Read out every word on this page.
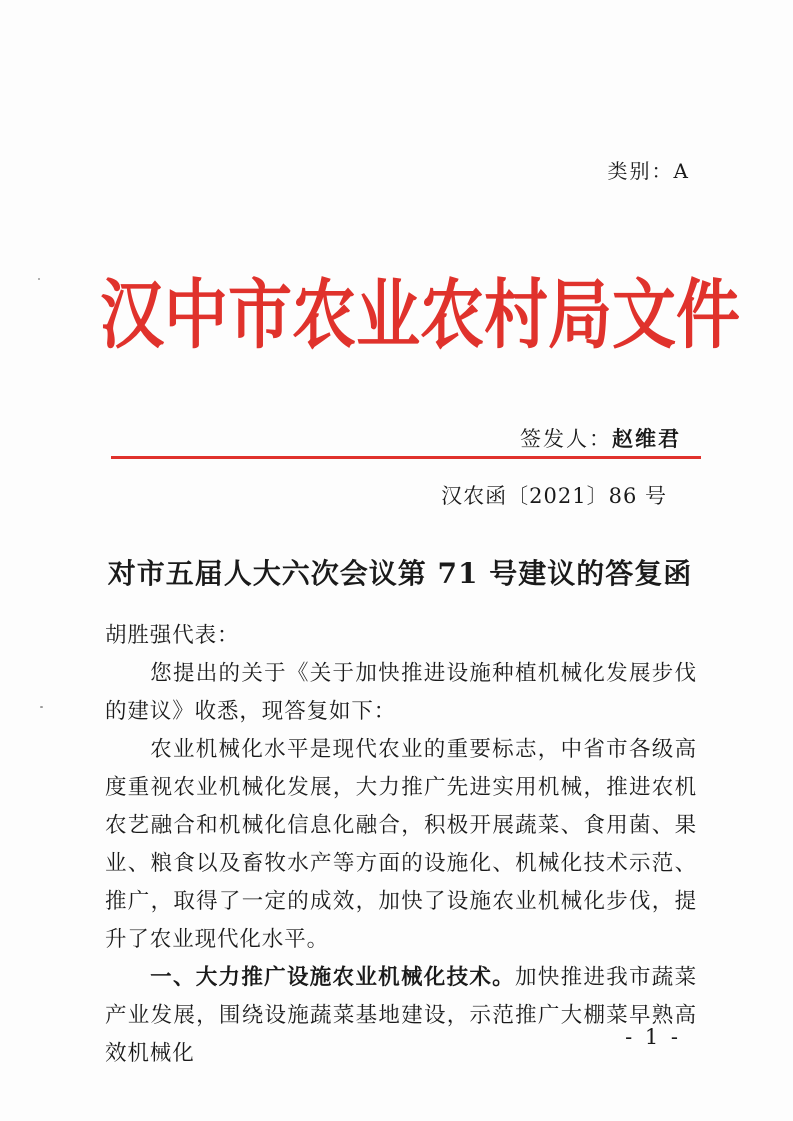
类别：A
汉中市农业农村局文件
签发人：赵维君
汉农函〔2021〕86 号
对市五届人大六次会议第 71 号建议的答复函

胡胜强代表：

您提出的关于《关于加快推进设施种植机械化发展步伐的建议》收悉，现答复如下：

农业机械化水平是现代农业的重要标志，中省市各级高度重视农业机械化发展，大力推广先进实用机械，推进农机农艺融合和机械化信息化融合，积极开展蔬菜、食用菌、果业、粮食以及畜牧水产等方面的设施化、机械化技术示范、推广，取得了一定的成效，加快了设施农业机械化步伐，提升了农业现代化水平。

一、大力推广设施农业机械化技术。加快推进我市蔬菜产业发展，围绕设施蔬菜基地建设，示范推广大棚菜早熟高效机械化

- 1 -
